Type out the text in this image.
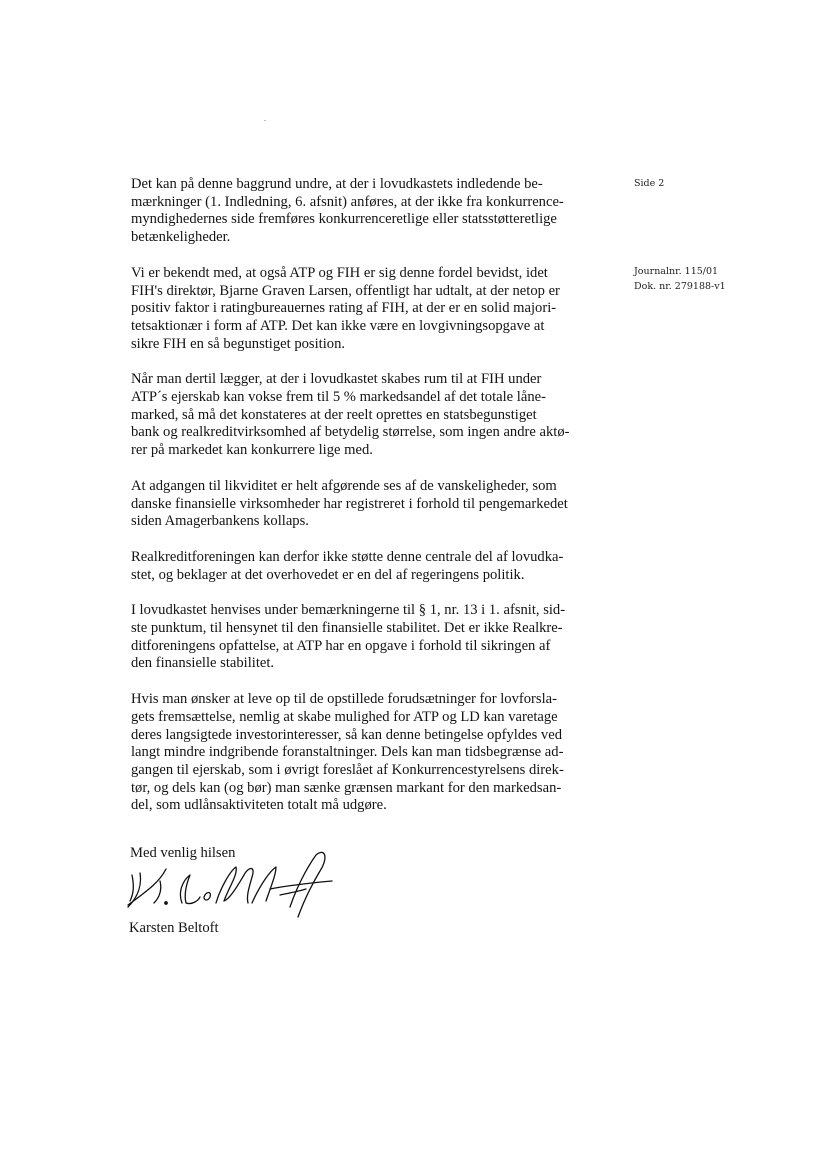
Side 2
Journalnr. 115/01
Dok. nr. 279188-v1

Det kan på denne baggrund undre, at der i lovudkastets indledende be-
mærkninger (1. Indledning, 6. afsnit) anføres, at der ikke fra konkurrence-
myndighedernes side fremføres konkurrenceretlige eller statsstøtteretlige
betænkeligheder.

Vi er bekendt med, at også ATP og FIH er sig denne fordel bevidst, idet
FIH's direktør, Bjarne Graven Larsen, offentligt har udtalt, at der netop er
positiv faktor i ratingbureauernes rating af FIH, at der er en solid majori-
tetsaktionær i form af ATP. Det kan ikke være en lovgivningsopgave at
sikre FIH en så begunstiget position.

Når man dertil lægger, at der i lovudkastet skabes rum til at FIH under
ATP´s ejerskab kan vokse frem til 5 % markedsandel af det totale låne-
marked, så må det konstateres at der reelt oprettes en statsbegunstiget
bank og realkreditvirksomhed af betydelig størrelse, som ingen andre aktø-
rer på markedet kan konkurrere lige med.

At adgangen til likviditet er helt afgørende ses af de vanskeligheder, som
danske finansielle virksomheder har registreret i forhold til pengemarkedet
siden Amagerbankens kollaps.

Realkreditforeningen kan derfor ikke støtte denne centrale del af lovudka-
stet, og beklager at det overhovedet er en del af regeringens politik.

I lovudkastet henvises under bemærkningerne til § 1, nr. 13 i 1. afsnit, sid-
ste punktum, til hensynet til den finansielle stabilitet. Det er ikke Realkre-
ditforeningens opfattelse, at ATP har en opgave i forhold til sikringen af
den finansielle stabilitet.

Hvis man ønsker at leve op til de opstillede forudsætninger for lovforsla-
gets fremsættelse, nemlig at skabe mulighed for ATP og LD kan varetage
deres langsigtede investorinteresser, så kan denne betingelse opfyldes ved
langt mindre indgribende foranstaltninger. Dels kan man tidsbegrænse ad-
gangen til ejerskab, som i øvrigt foreslået af Konkurrencestyrelsens direk-
tør, og dels kan (og bør) man sænke grænsen markant for den markedsan-
del, som udlånsaktiviteten totalt må udgøre.

Med venlig hilsen
Karsten Beltoft
